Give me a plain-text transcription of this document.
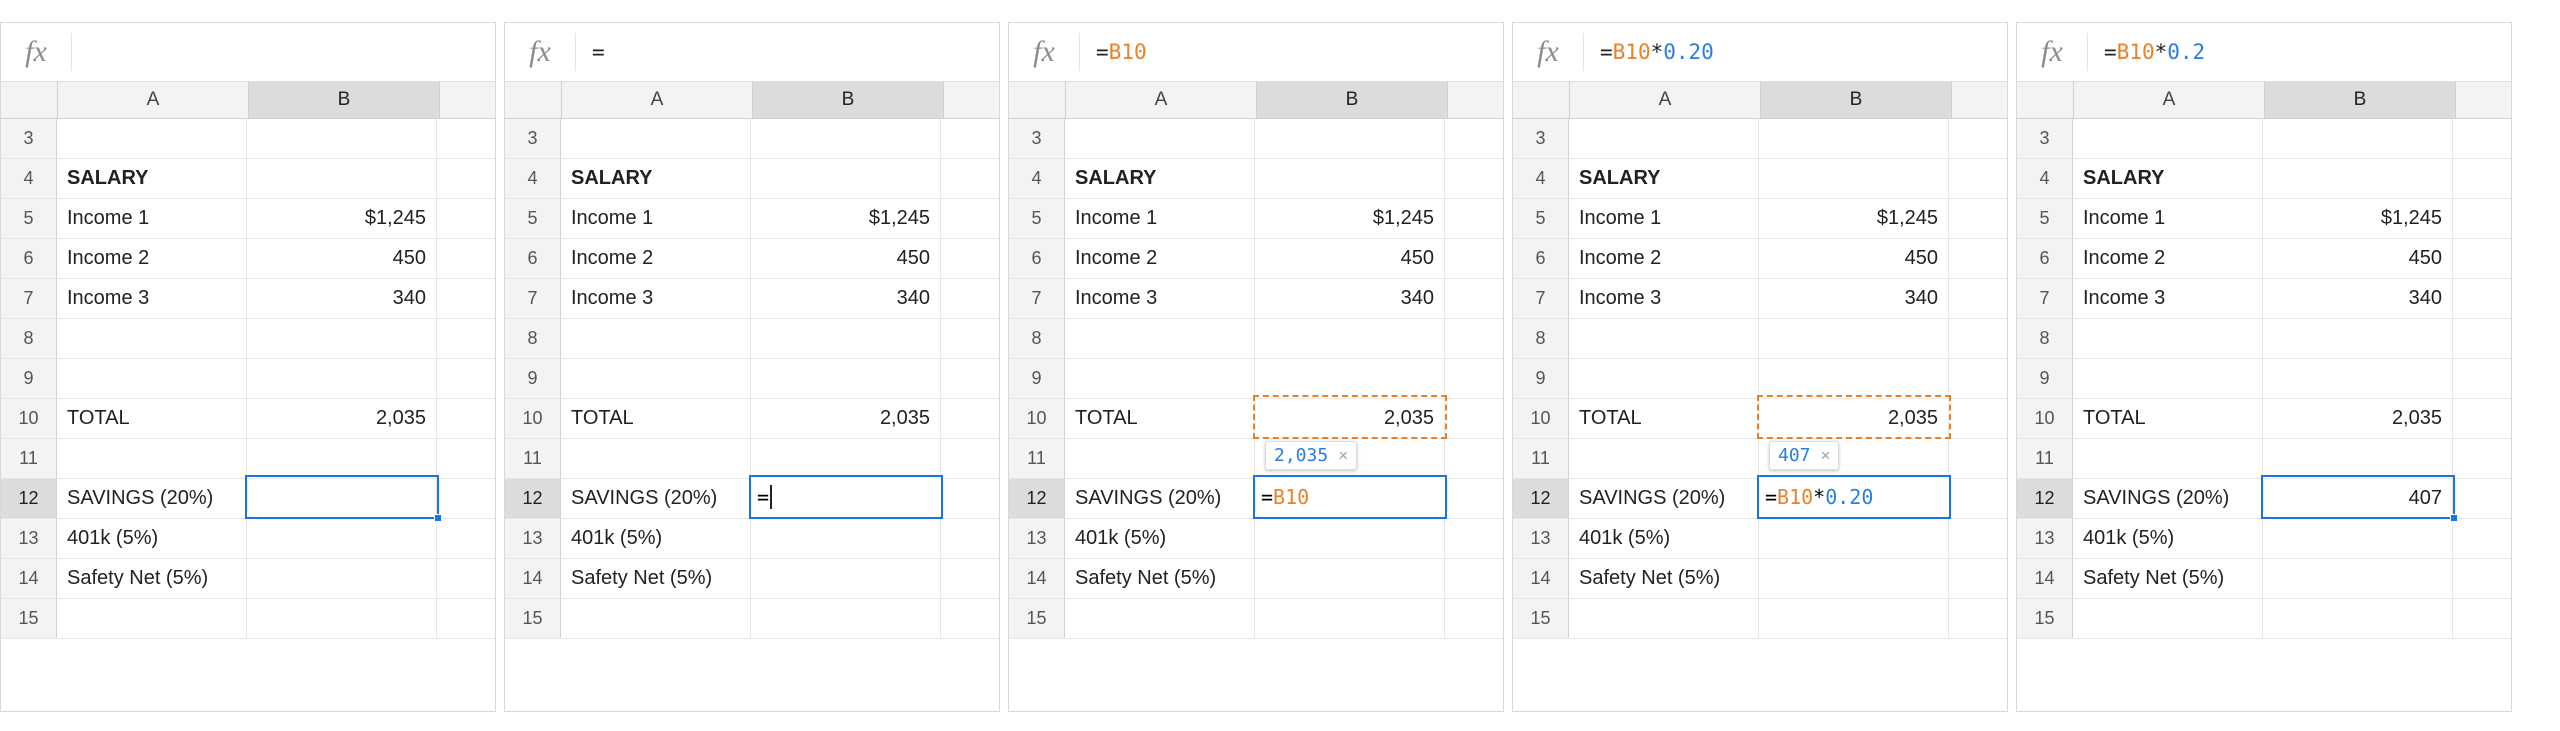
fx
A	B
3
4	SALARY
5	Income 1	$1,245
6	Income 2	450
7	Income 3	340
8
9
10	TOTAL	2,035
11
12	SAVINGS (20%)
13	401k (5%)
14	Safety Net (5%)
15
fx	=
A	B
3
4	SALARY
5	Income 1	$1,245
6	Income 2	450
7	Income 3	340
8
9
10	TOTAL	2,035
11
12	SAVINGS (20%)
13	401k (5%)
14	Safety Net (5%)
15
=
fx	=B10
A	B
3
4	SALARY
5	Income 1	$1,245
6	Income 2	450
7	Income 3	340
8
9
10	TOTAL	2,035
11
12	SAVINGS (20%)
13	401k (5%)
14	Safety Net (5%)
15
=B10
2,035 ×
fx	=B10*0.20
A	B
3
4	SALARY
5	Income 1	$1,245
6	Income 2	450
7	Income 3	340
8
9
10	TOTAL	2,035
11
12	SAVINGS (20%)
13	401k (5%)
14	Safety Net (5%)
15
=B10*0.20
407 ×
fx	=B10*0.2
A	B
3
4	SALARY
5	Income 1	$1,245
6	Income 2	450
7	Income 3	340
8
9
10	TOTAL	2,035
11
12	SAVINGS (20%)	407
13	401k (5%)
14	Safety Net (5%)
15
